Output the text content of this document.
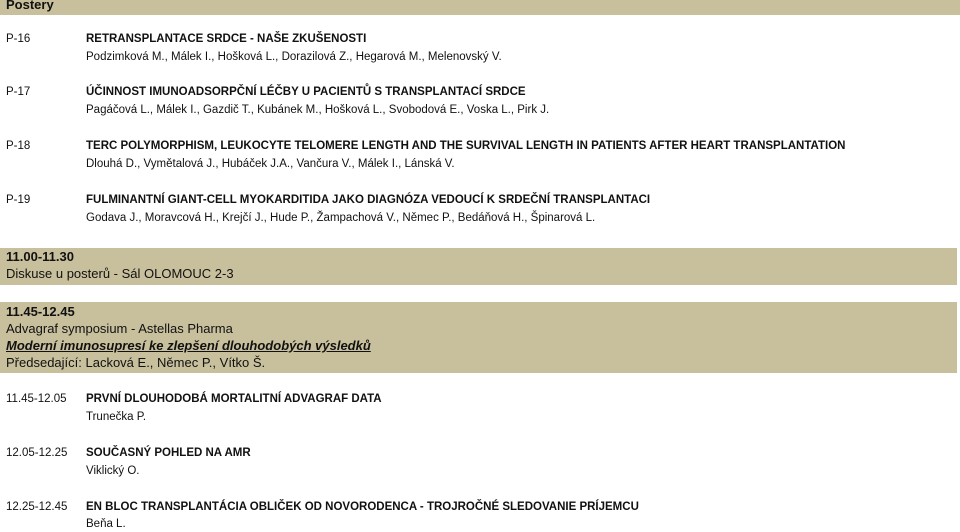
Postery
P-16	RETRANSPLANTACE SRDCE - NAŠE ZKUŠENOSTI
Podzimková M., Málek I., Hošková L., Dorazilová Z., Hegarová M., Melenovský V.
P-17	ÚČINNOST IMUNOADSORPČNÍ LÉČBY U PACIENTŮ S TRANSPLANTACÍ SRDCE
Pagáčová L., Málek I., Gazdič T., Kubánek M., Hošková L., Svobodová E., Voska L., Pirk J.
P-18	TERC POLYMORPHISM, LEUKOCYTE TELOMERE LENGTH AND THE SURVIVAL LENGTH IN PATIENTS AFTER HEART TRANSPLANTATION
Dlouhá D., Vymětalová J., Hubáček J.A., Vančura V., Málek I., Lánská V.
P-19	FULMINANTNÍ GIANT-CELL MYOKARDITIDA JAKO DIAGNÓZA VEDOUCÍ K SRDEČNÍ TRANSPLANTACI
Godava J., Moravcová H., Krejčí J., Hude P., Žampachová V., Němec P., Bedáňová H., Špinarová L.
11.00-11.30
Diskuse u posterů - Sál OLOMOUC 2-3
11.45-12.45
Advagraf symposium - Astellas Pharma
Moderní imunosupresí ke zlepšení dlouhodobých výsledků
Předsedající: Lacková E., Němec P., Vítko Š.
11.45-12.05 PRVNÍ DLOUHODOBÁ MORTALITNÍ ADVAGRAF DATA
Trunečka P.
12.05-12.25 SOUČASNÝ POHLED NA AMR
Viklický O.
12.25-12.45 EN BLOC TRANSPLANTÁCIA OBLIČEK OD NOVORODENCA - TROJROČNÉ SLEDOVANIE PRÍJEMCU
Beňa L.
